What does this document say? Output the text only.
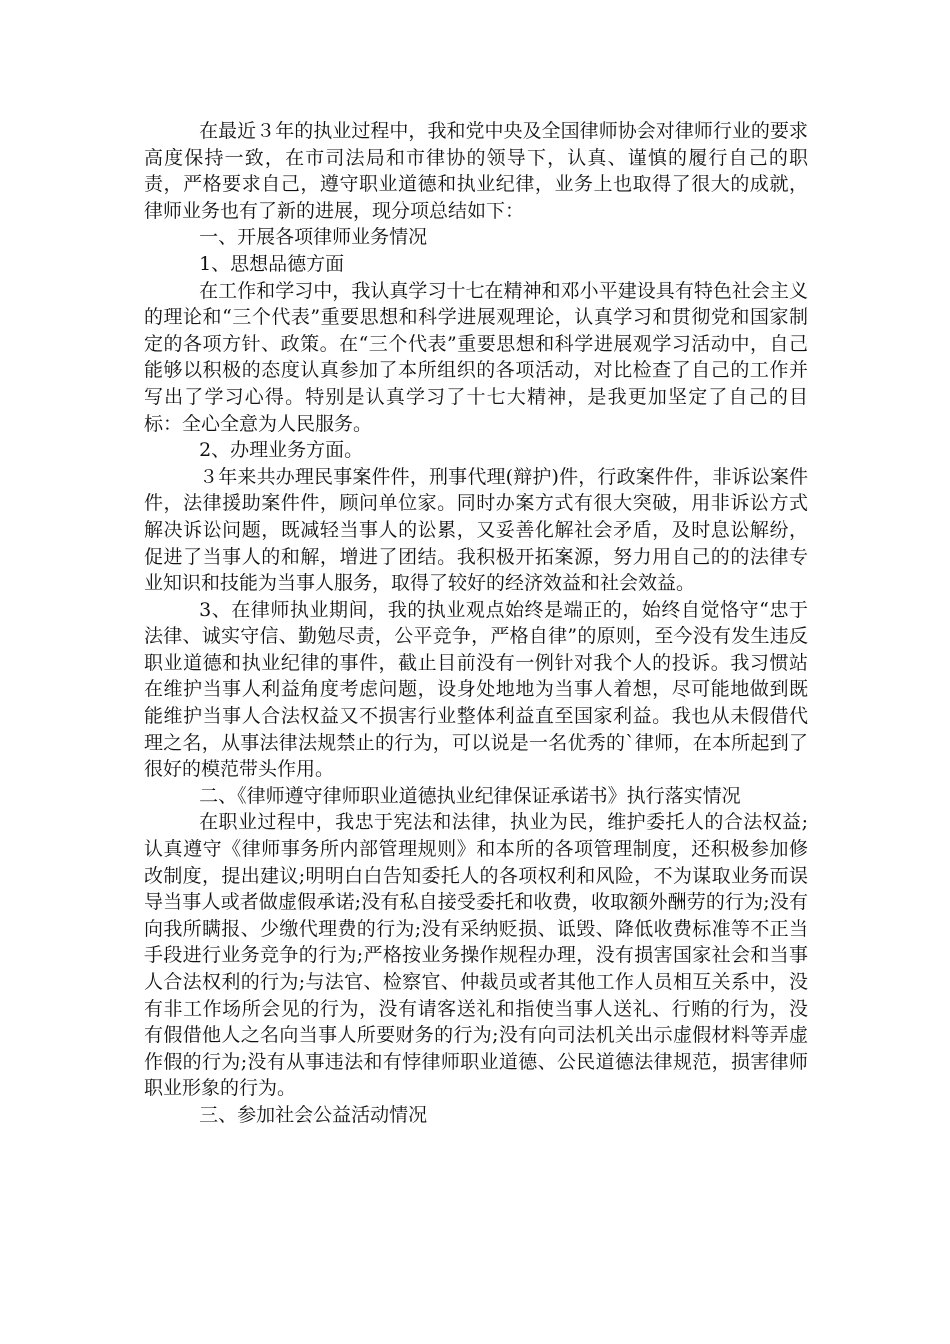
在最近３年的执业过程中，我和党中央及全国律师协会对律师行业的要求高度保持一致，在市司法局和市律协的领导下，认真、谨慎的履行自己的职责，严格要求自己，遵守职业道德和执业纪律，业务上也取得了很大的成就，律师业务也有了新的进展，现分项总结如下：

一、开展各项律师业务情况

1、思想品德方面

在工作和学习中，我认真学习十七在精神和邓小平建设具有特色社会主义的理论和“三个代表”重要思想和科学进展观理论，认真学习和贯彻党和国家制定的各项方针、政策。在“三个代表”重要思想和科学进展观学习活动中，自己能够以积极的态度认真参加了本所组织的各项活动，对比检查了自己的工作并写出了学习心得。特别是认真学习了十七大精神，是我更加坚定了自己的目标：全心全意为人民服务。

2、办理业务方面。

３年来共办理民事案件件，刑事代理(辩护)件，行政案件件，非诉讼案件件，法律援助案件件，顾问单位家。同时办案方式有很大突破，用非诉讼方式解决诉讼问题，既减轻当事人的讼累，又妥善化解社会矛盾，及时息讼解纷，促进了当事人的和解，增进了团结。我积极开拓案源，努力用自己的的法律专业知识和技能为当事人服务，取得了较好的经济效益和社会效益。

3、在律师执业期间，我的执业观点始终是端正的，始终自觉恪守“忠于法律、诚实守信、勤勉尽责，公平竞争，严格自律”的原则，至今没有发生违反职业道德和执业纪律的事件，截止目前没有一例针对我个人的投诉。我习惯站在维护当事人利益角度考虑问题，设身处地地为当事人着想，尽可能地做到既能维护当事人合法权益又不损害行业整体利益直至国家利益。我也从未假借代理之名，从事法律法规禁止的行为，可以说是一名优秀的`律师，在本所起到了很好的模范带头作用。

二、《律师遵守律师职业道德执业纪律保证承诺书》执行落实情况

在职业过程中，我忠于宪法和法律，执业为民，维护委托人的合法权益;认真遵守《律师事务所内部管理规则》和本所的各项管理制度，还积极参加修改制度，提出建议;明明白白告知委托人的各项权利和风险，不为谋取业务而误导当事人或者做虚假承诺;没有私自接受委托和收费，收取额外酬劳的行为;没有向我所瞒报、少缴代理费的行为;没有采纳贬损、诋毁、降低收费标准等不正当手段进行业务竞争的行为;严格按业务操作规程办理，没有损害国家社会和当事人合法权利的行为;与法官、检察官、仲裁员或者其他工作人员相互关系中，没有非工作场所会见的行为，没有请客送礼和指使当事人送礼、行贿的行为，没有假借他人之名向当事人所要财务的行为;没有向司法机关出示虚假材料等弄虚作假的行为;没有从事违法和有悖律师职业道德、公民道德法律规范，损害律师职业形象的行为。

三、参加社会公益活动情况
